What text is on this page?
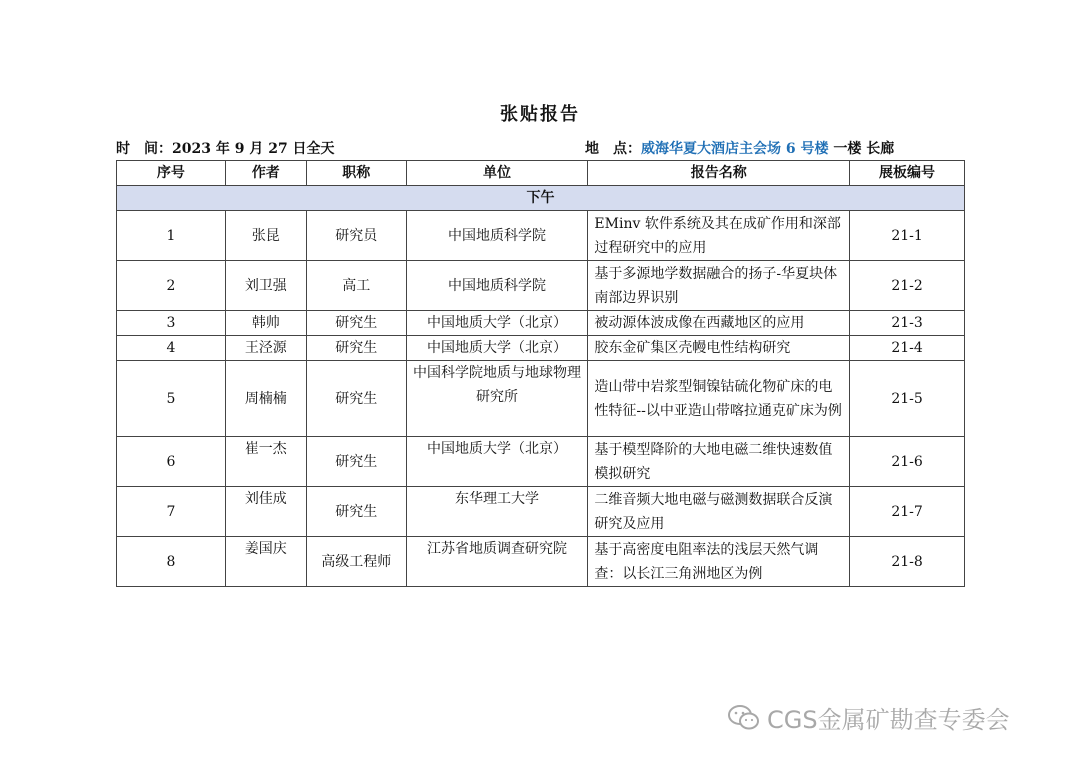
张贴报告
时　间：2023 年 9 月 27 日全天	地　点：威海华夏大酒店主会场 6 号楼 一楼 长廊
序号	作者	职称	单位	报告名称	展板编号
下午					
1	张昆	研究员	中国地质科学院	EMinv 软件系统及其在成矿作用和深部过程研究中的应用	21-1
2	刘卫强	高工	中国地质科学院	基于多源地学数据融合的扬子-华夏块体南部边界识别	21-2
3	韩帅	研究生	中国地质大学（北京）	被动源体波成像在西藏地区的应用	21-3
4	王泾源	研究生	中国地质大学（北京）	胶东金矿集区壳幔电性结构研究	21-4
5	周楠楠	研究生	中国科学院地质与地球物理研究所	造山带中岩浆型铜镍钴硫化物矿床的电性特征--以中亚造山带喀拉通克矿床为例	21-5
6	崔一杰	研究生	中国地质大学（北京）	基于模型降阶的大地电磁二维快速数值模拟研究	21-6
7	刘佳成	研究生	东华理工大学	二维音频大地电磁与磁测数据联合反演研究及应用	21-7
8	姜国庆	高级工程师	江苏省地质调查研究院	基于高密度电阻率法的浅层天然气调查：以长江三角洲地区为例	21-8
CGS金属矿勘查专委会
